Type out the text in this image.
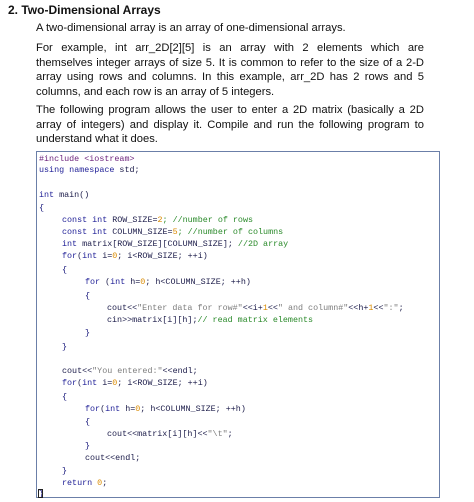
2. Two-Dimensional Arrays

A two-dimensional array is an array of one-dimensional arrays.

For example, int arr_2D[2][5] is an array with 2 elements which are themselves integer arrays of size 5. It is common to refer to the size of a 2-D array using rows and columns. In this example, arr_2D has 2 rows and 5 columns, and each row is an array of 5 integers.

The following program allows the user to enter a 2D matrix (basically a 2D array of integers) and display it. Compile and run the following program to understand what it does.

#include <iostream>
using namespace std;
int main()
{
const int ROW_SIZE=2; //number of rows
const int COLUMN_SIZE=5; //number of columns
int matrix[ROW_SIZE][COLUMN_SIZE]; //2D array
for(int i=0; i<ROW_SIZE; ++i)
{
for (int h=0; h<COLUMN_SIZE; ++h)
{
cout<<"Enter data for row#"<<i+1<<" and column#"<<h+1<<":";
cin>>matrix[i][h];// read matrix elements
}
}
cout<<"You entered:"<<endl;
for(int i=0; i<ROW_SIZE; ++i)
{
for(int h=0; h<COLUMN_SIZE; ++h)
{
cout<<matrix[i][h]<<"\t";
}
cout<<endl;
}
return 0;
}
